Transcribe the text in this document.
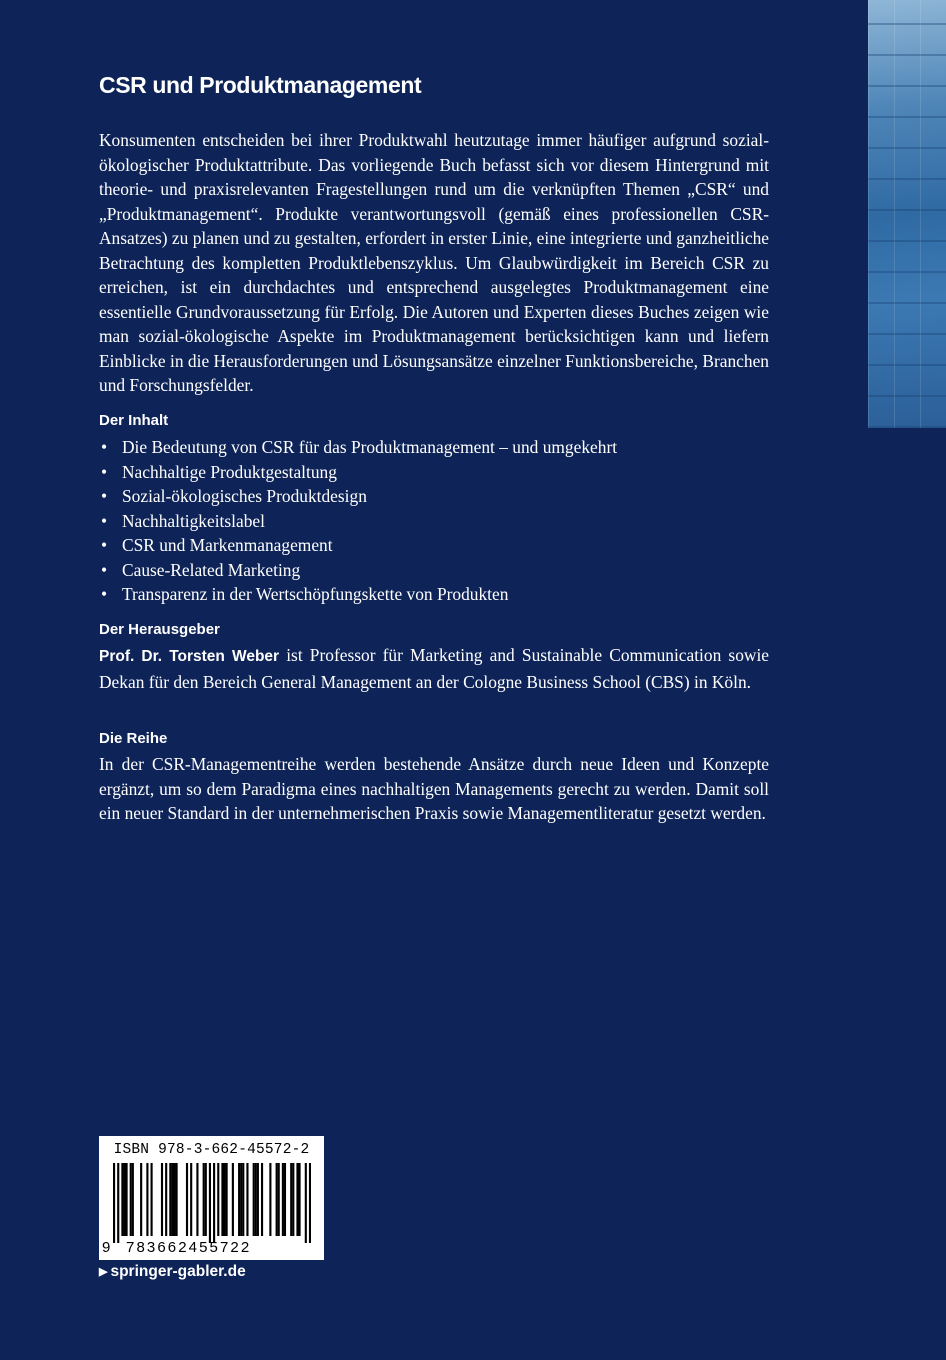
CSR und Produktmanagement

Konsumenten entscheiden bei ihrer Produktwahl heutzutage immer häufiger aufgrund sozial-ökologischer Produktattribute. Das vorliegende Buch befasst sich vor diesem Hintergrund mit theorie- und praxisrelevanten Fragestellungen rund um die verknüpften Themen „CSR“ und „Produktmanagement“. Produkte verantwortungsvoll (gemäß eines professionellen CSR-Ansatzes) zu planen und zu gestalten, erfordert in erster Linie, eine integrierte und ganzheitliche Betrachtung des kompletten Produktlebenszyklus. Um Glaubwürdigkeit im Bereich CSR zu erreichen, ist ein durchdachtes und entsprechend ausgelegtes Produktmanagement eine essentielle Grundvoraussetzung für Erfolg. Die Autoren und Experten dieses Buches zeigen wie man sozial-ökologische Aspekte im Produktmanagement berücksichtigen kann und liefern Einblicke in die Herausforderungen und Lösungsansätze einzelner Funktionsbereiche, Branchen und Forschungsfelder.

Der Inhalt
• Die Bedeutung von CSR für das Produktmanagement – und umgekehrt
• Nachhaltige Produktgestaltung
• Sozial-ökologisches Produktdesign
• Nachhaltigkeitslabel
• CSR und Markenmanagement
• Cause-Related Marketing
• Transparenz in der Wertschöpfungskette von Produkten
Der Herausgeber

Prof. Dr. Torsten Weber ist Professor für Marketing and Sustainable Communication sowie Dekan für den Bereich General Management an der Cologne Business School (CBS) in Köln.

Die Reihe

In der CSR-Managementreihe werden bestehende Ansätze durch neue Ideen und Konzepte ergänzt, um so dem Paradigma eines nachhaltigen Managements gerecht zu werden. Damit soll ein neuer Standard in der unternehmerischen Praxis sowie Managementliteratur gesetzt werden.

ISBN 978-3-662-45572-2
9 783662455722
▶ springer-gabler.de
